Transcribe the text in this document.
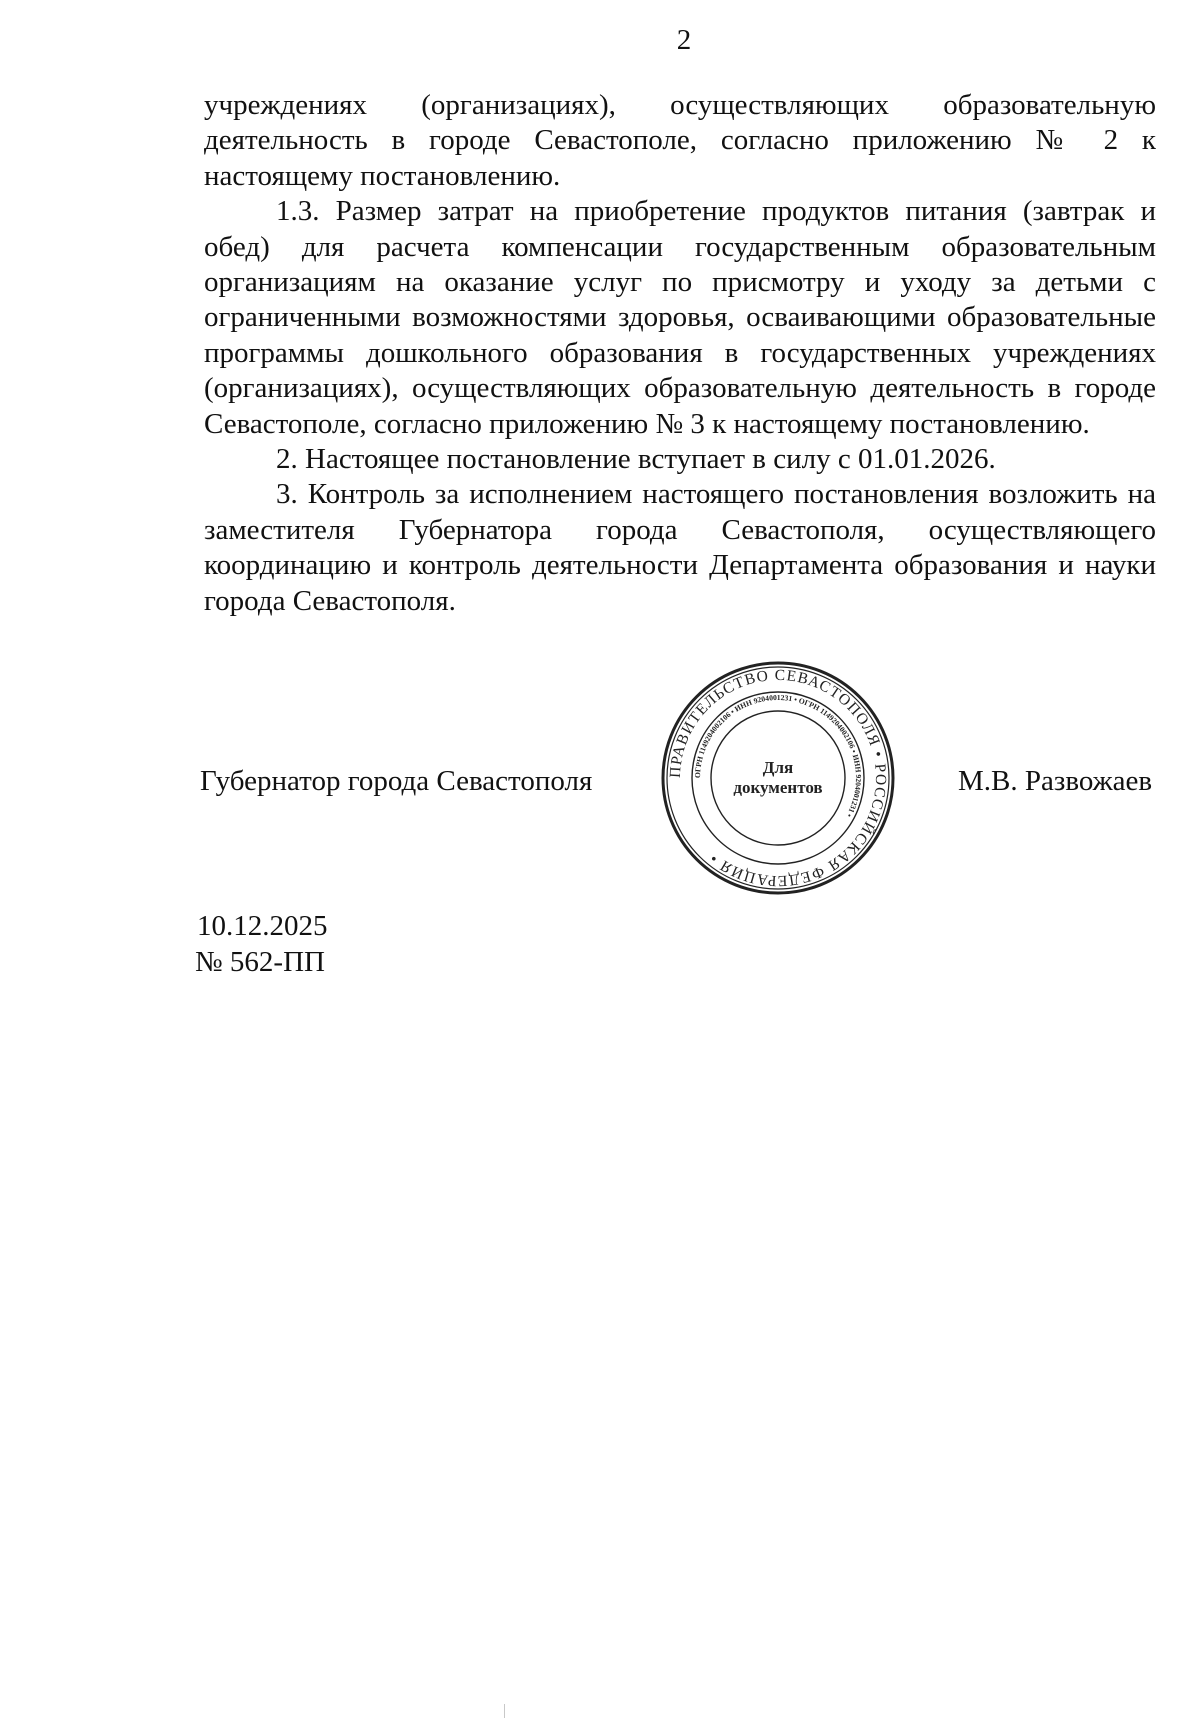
2

учреждениях (организациях), осуществляющих образовательную деятельность в городе Севастополе, согласно приложению № 2 к настоящему постановлению.

1.3. Размер затрат на приобретение продуктов питания (завтрак и обед) для расчета компенсации государственным образовательным организациям на оказание услуг по присмотру и уходу за детьми с ограниченными возможностями здоровья, осваивающими образовательные программы дошкольного образования в государственных учреждениях (организациях), осуществляющих образовательную деятельность в городе Севастополе, согласно приложению № 3 к настоящему постановлению.

2. Настоящее постановление вступает в силу с 01.01.2026.

3. Контроль за исполнением настоящего постановления возложить на заместителя Губернатора города Севастополя, осуществляющего координацию и контроль деятельности Департамента образования и науки города Севастополя.

Губернатор города Севастополя	ПРАВИТЕЛЬСТВО СЕВАСТОПОЛЯ • РОССИЙСКАЯ ФЕДЕРАЦИЯ •
ОГРН 1149204002106 • ИНН 9204001231 • ОГРН 1149204002106 • ИНН 9204001231 •
Для
документов	М.В. Развожаев
10.12.2025
№ 562-ПП
